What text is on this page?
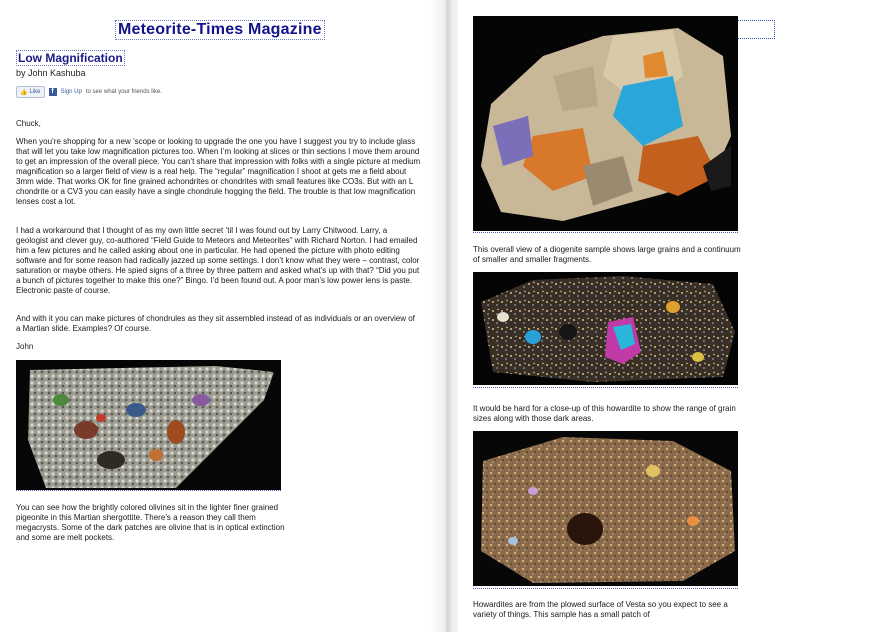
Meteorite-Times Magazine
Low Magnification
by John Kashuba
👍 Like	f	Sign Up to see what your friends like.

Chuck,

When you’re shopping for a new ’scope or looking to upgrade the one you have I suggest you try to include glass that will let you take low magnification pictures too. When I’m looking at slices or thin sections I move them around to get an impression of the overall piece. You can’t share that impression with folks with a single picture at medium magnification so a larger field of view is a real help. The “regular” magnification I shoot at gets me a field about 3mm wide. That works OK for fine grained achondrites or chondrites with small features like CO3s. But with an L chondrite or a CV3 you can easily have a single chondrule hogging the field. The trouble is that low magnification lenses cost a lot.

I had a workaround that I thought of as my own little secret ’til I was found out by Larry Chitwood. Larry, a geologist and clever guy, co-authored “Field Guide to Meteors and Meteorites” with Richard Norton. I had emailed him a few pictures and he called asking about one in particular. He had opened the picture with photo editing software and for some reason had radically jazzed up some settings. I don’t know what they were – contrast, color saturation or maybe others. He spied signs of a three by three pattern and asked what’s up with that? “Did you put a bunch of pictures together to make this one?” Bingo. I’d been found out. A poor man’s low power lens is paste. Electronic paste of course.

And with it you can make pictures of chondrules as they sit assembled instead of as individuals or an overview of a Martian slide. Examples? Of course.

John

You can see how the brightly colored olivines sit in the lighter finer grained pigeonite in this Martian shergottite. There’s a reason they call them megacrysts. Some of the dark patches are olivine that is in optical extinction and some are melt pockets.

This overall view of a diogenite sample shows large grains and a continuum of smaller and smaller fragments.

It would be hard for a close-up of this howardite to show the range of grain sizes along with those dark areas.

Howardites are from the plowed surface of Vesta so you expect to see a variety of things. This sample has a small patch of
